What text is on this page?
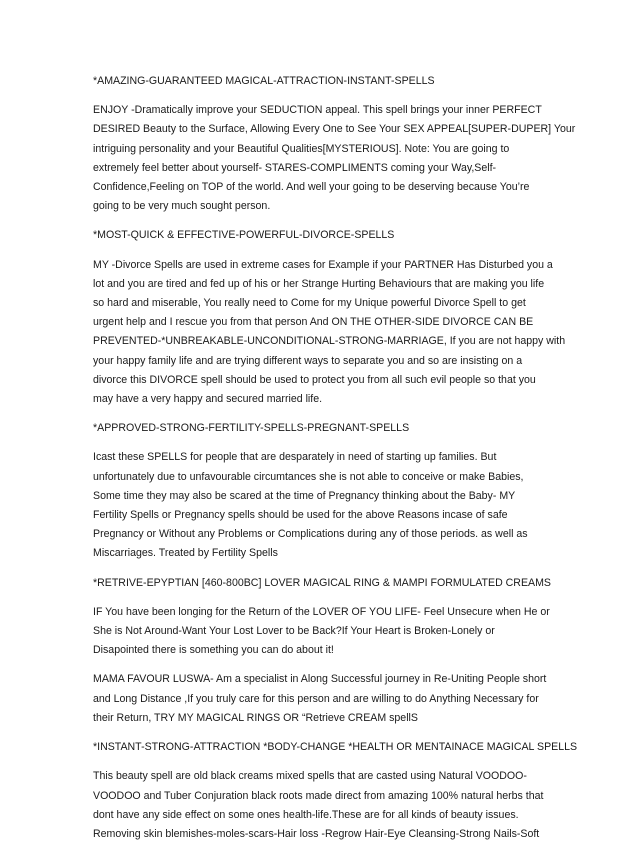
*AMAZING-GUARANTEED MAGICAL-ATTRACTION-INSTANT-SPELLS
ENJOY -Dramatically improve your SEDUCTION appeal. This spell brings your inner PERFECT
DESIRED Beauty to the Surface, Allowing Every One to See Your SEX APPEAL[SUPER-DUPER] Your
intriguing personality and your Beautiful Qualities[MYSTERIOUS]. Note: You are going to
extremely feel better about yourself- STARES-COMPLIMENTS coming your Way,Self-
Confidence,Feeling on TOP of the world. And well your going to be deserving because You’re
going to be very much sought person.
*MOST-QUICK & EFFECTIVE-POWERFUL-DIVORCE-SPELLS
MY -Divorce Spells are used in extreme cases for Example if your PARTNER Has Disturbed you a
lot and you are tired and fed up of his or her Strange Hurting Behaviours that are making you life
so hard and miserable, You really need to Come for my Unique powerful Divorce Spell to get
urgent help and I rescue you from that person And ON THE OTHER-SIDE DIVORCE CAN BE
PREVENTED-*UNBREAKABLE-UNCONDITIONAL-STRONG-MARRIAGE, If you are not happy with
your happy family life and are trying different ways to separate you and so are insisting on a
divorce this DIVORCE spell should be used to protect you from all such evil people so that you
may have a very happy and secured married life.
*APPROVED-STRONG-FERTILITY-SPELLS-PREGNANT-SPELLS
Icast these SPELLS for people that are desparately in need of starting up families. But
unfortunately due to unfavourable circumtances she is not able to conceive or make Babies,
Some time they may also be scared at the time of Pregnancy thinking about the Baby- MY
Fertility Spells or Pregnancy spells should be used for the above Reasons incase of safe
Pregnancy or Without any Problems or Complications during any of those periods. as well as
Miscarriages. Treated by Fertility Spells
*RETRIVE-EPYPTIAN [460-800BC] LOVER MAGICAL RING & MAMPI FORMULATED CREAMS
IF You have been longing for the Return of the LOVER OF YOU LIFE- Feel Unsecure when He or
She is Not Around-Want Your Lost Lover to be Back?If Your Heart is Broken-Lonely or
Disapointed there is something you can do about it!
MAMA FAVOUR LUSWA- Am a specialist in Along Successful journey in Re-Uniting People short
and Long Distance ,If you truly care for this person and are willing to do Anything Necessary for
their Return, TRY MY MAGICAL RINGS OR “Retrieve CREAM spellS
*INSTANT-STRONG-ATTRACTION *BODY-CHANGE *HEALTH OR MENTAINACE MAGICAL SPELLS
This beauty spell are old black creams mixed spells that are casted using Natural VOODOO-
VOODOO and Tuber Conjuration black roots made direct from amazing 100% natural herbs that
dont have any side effect on some ones health-life.These are for all kinds of beauty issues.
Removing skin blemishes-moles-scars-Hair loss -Regrow Hair-Eye Cleansing-Strong Nails-Soft
